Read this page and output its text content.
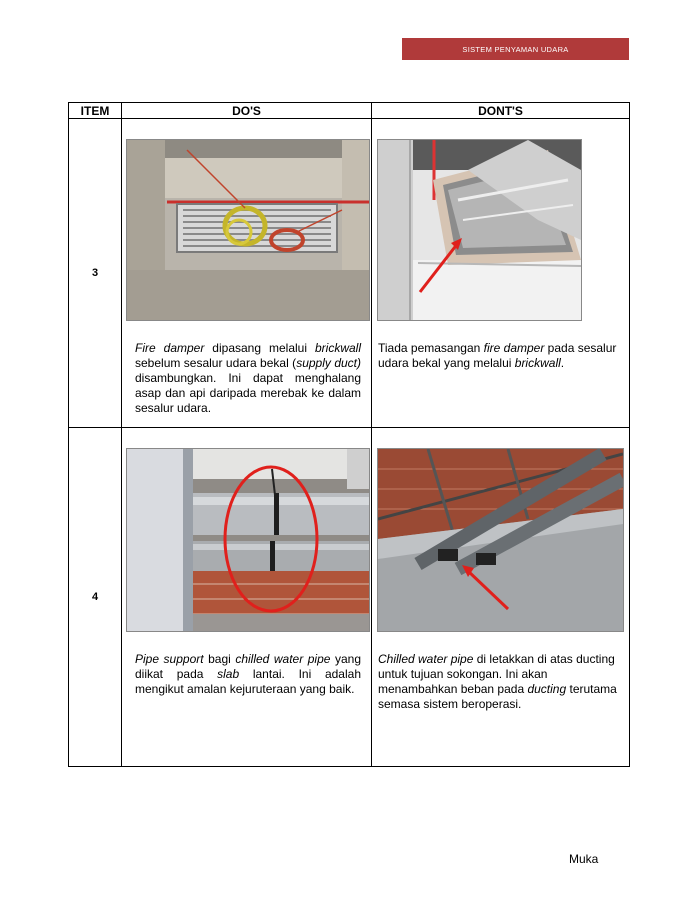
SISTEM PENYAMAN UDARA
ITEM	DO'S	DONT'S
3	Fire damper dipasang melalui brickwall sebelum sesalur udara bekal (supply duct) disambungkan. Ini dapat menghalang asap dan api daripada merebak ke dalam sesalur udara.	Tiada pemasangan fire damper pada sesalur udara bekal yang melalui brickwall.

4	Pipe support bagi chilled water pipe yang diikat pada slab lantai. Ini adalah mengikut amalan kejuruteraan yang baik.	Chilled water pipe di letakkan di atas ducting untuk tujuan sokongan. Ini akan menambahkan beban pada ducting terutama semasa sistem beroperasi.
Muka
